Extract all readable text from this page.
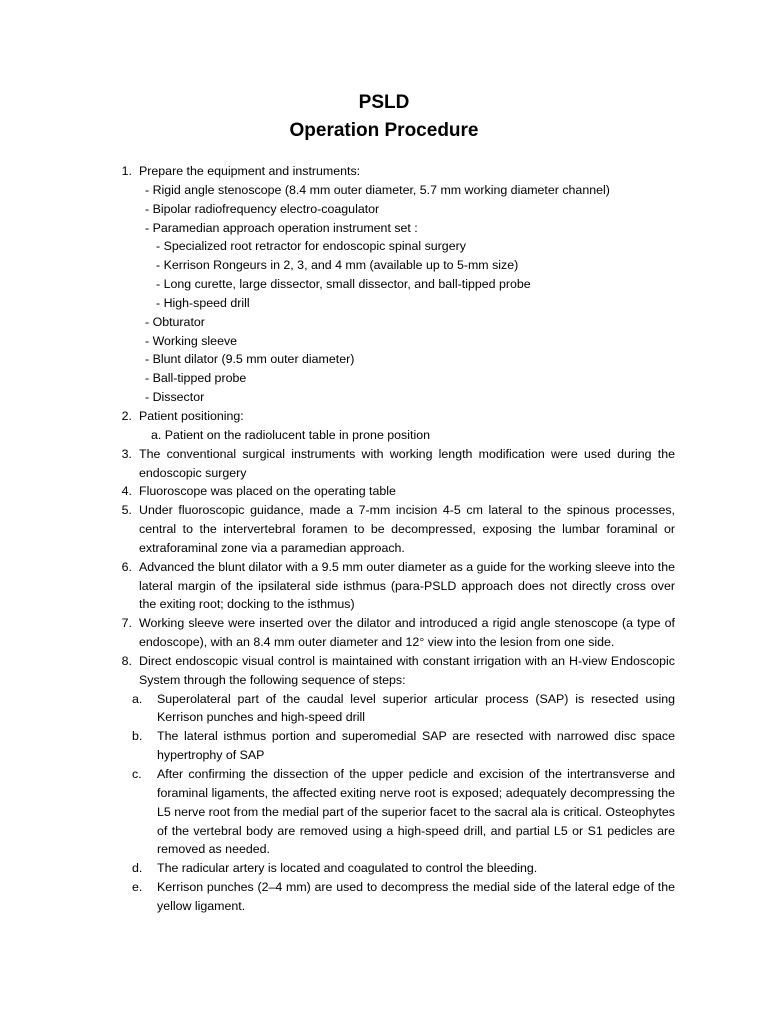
PSLD
Operation Procedure
1. Prepare the equipment and instruments:
- Rigid angle stenoscope (8.4 mm outer diameter, 5.7 mm working diameter channel)
- Bipolar radiofrequency electro-coagulator
- Paramedian approach operation instrument set :
- Specialized root retractor for endoscopic spinal surgery
- Kerrison Rongeurs in 2, 3, and 4 mm (available up to 5-mm size)
- Long curette, large dissector, small dissector, and ball-tipped probe
- High-speed drill
- Obturator
- Working sleeve
- Blunt dilator (9.5 mm outer diameter)
- Ball-tipped probe
- Dissector
2. Patient positioning:
a. Patient on the radiolucent table in prone position
3. The conventional surgical instruments with working length modification were used during the endoscopic surgery
4. Fluoroscope was placed on the operating table
5. Under fluoroscopic guidance, made a 7-mm incision 4-5 cm lateral to the spinous processes, central to the intervertebral foramen to be decompressed, exposing the lumbar foraminal or extraforaminal zone via a paramedian approach.
6. Advanced the blunt dilator with a 9.5 mm outer diameter as a guide for the working sleeve into the lateral margin of the ipsilateral side isthmus (para-PSLD approach does not directly cross over the exiting root; docking to the isthmus)
7. Working sleeve were inserted over the dilator and introduced a rigid angle stenoscope (a type of endoscope), with an 8.4 mm outer diameter and 12° view into the lesion from one side.
8. Direct endoscopic visual control is maintained with constant irrigation with an H-view Endoscopic System through the following sequence of steps:
a. Superolateral part of the caudal level superior articular process (SAP) is resected using Kerrison punches and high-speed drill
b. The lateral isthmus portion and superomedial SAP are resected with narrowed disc space hypertrophy of SAP
c. After confirming the dissection of the upper pedicle and excision of the intertransverse and foraminal ligaments, the affected exiting nerve root is exposed; adequately decompressing the L5 nerve root from the medial part of the superior facet to the sacral ala is critical. Osteophytes of the vertebral body are removed using a high-speed drill, and partial L5 or S1 pedicles are removed as needed.
d. The radicular artery is located and coagulated to control the bleeding.
e. Kerrison punches (2–4 mm) are used to decompress the medial side of the lateral edge of the yellow ligament.
